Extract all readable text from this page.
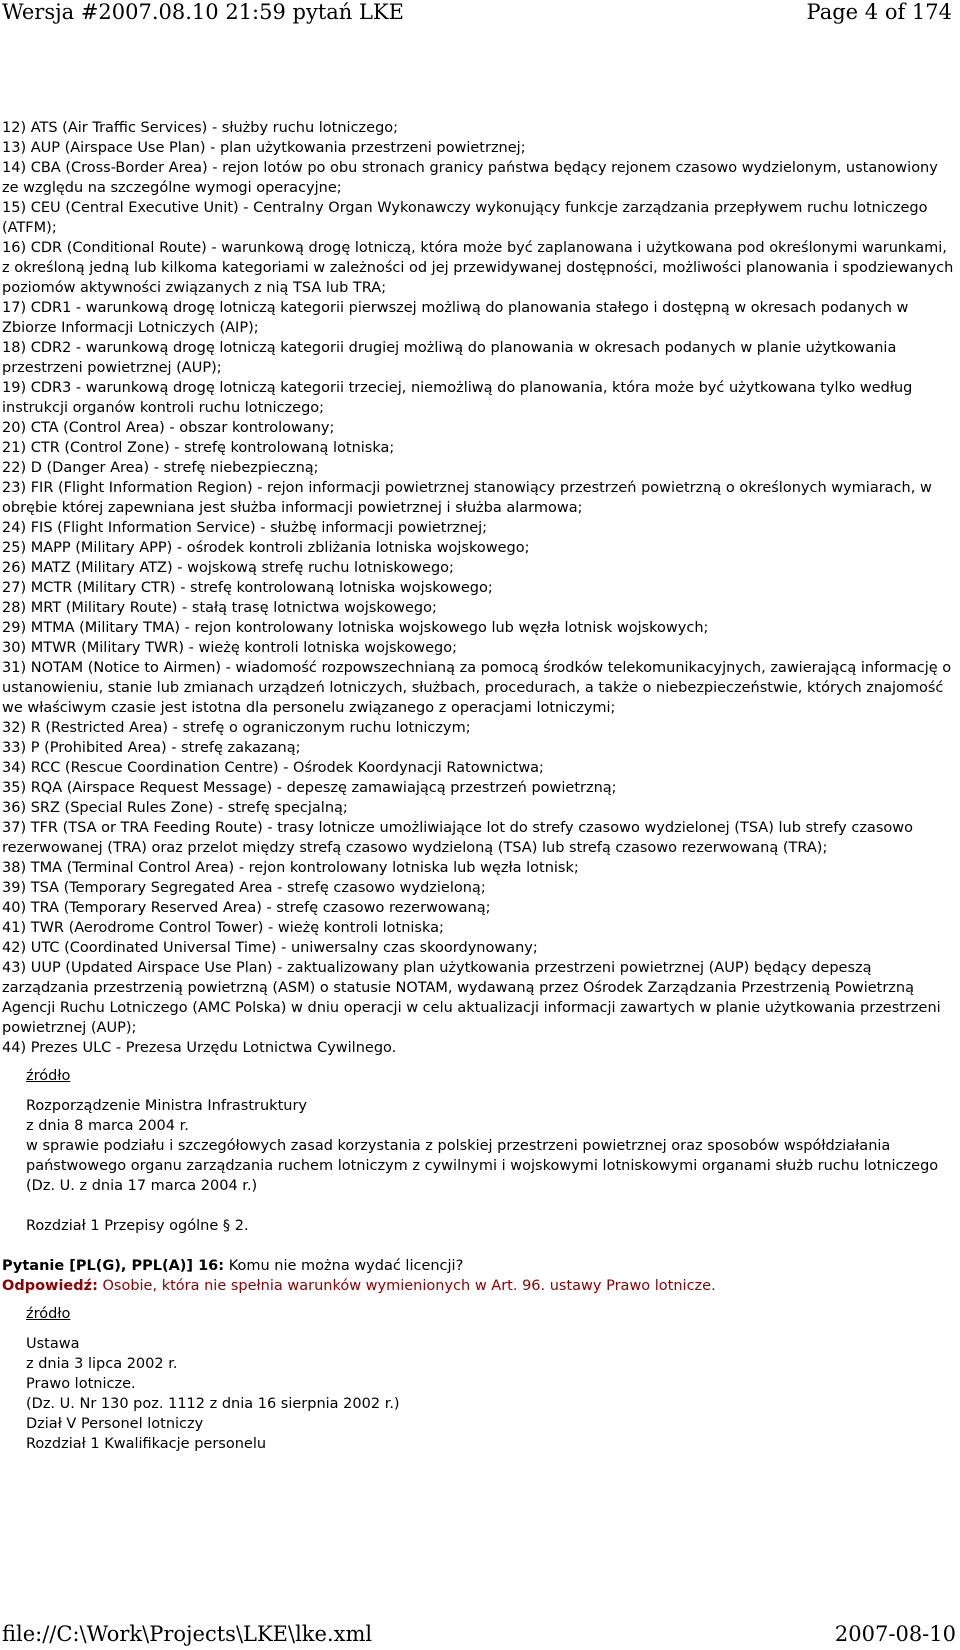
Wersja #2007.08.10 21:59 pytań LKE	Page 4 of 174
12) ATS (Air Traffic Services) - służby ruchu lotniczego;
13) AUP (Airspace Use Plan) - plan użytkowania przestrzeni powietrznej;
14) CBA (Cross-Border Area) - rejon lotów po obu stronach granicy państwa będący rejonem czasowo wydzielonym, ustanowiony ze względu na szczególne wymogi operacyjne;
15) CEU (Central Executive Unit) - Centralny Organ Wykonawczy wykonujący funkcje zarządzania przepływem ruchu lotniczego (ATFM);
16) CDR (Conditional Route) - warunkową drogę lotniczą, która może być zaplanowana i użytkowana pod określonymi warunkami, z określoną jedną lub kilkoma kategoriami w zależności od jej przewidywanej dostępności, możliwości planowania i spodziewanych poziomów aktywności związanych z nią TSA lub TRA;
17) CDR1 - warunkową drogę lotniczą kategorii pierwszej możliwą do planowania stałego i dostępną w okresach podanych w Zbiorze Informacji Lotniczych (AIP);
18) CDR2 - warunkową drogę lotniczą kategorii drugiej możliwą do planowania w okresach podanych w planie użytkowania przestrzeni powietrznej (AUP);
19) CDR3 - warunkową drogę lotniczą kategorii trzeciej, niemożliwą do planowania, która może być użytkowana tylko według instrukcji organów kontroli ruchu lotniczego;
20) CTA (Control Area) - obszar kontrolowany;
21) CTR (Control Zone) - strefę kontrolowaną lotniska;
22) D (Danger Area) - strefę niebezpieczną;
23) FIR (Flight Information Region) - rejon informacji powietrznej stanowiący przestrzeń powietrzną o określonych wymiarach, w obrębie której zapewniana jest służba informacji powietrznej i służba alarmowa;
24) FIS (Flight Information Service) - służbę informacji powietrznej;
25) MAPP (Military APP) - ośrodek kontroli zbliżania lotniska wojskowego;
26) MATZ (Military ATZ) - wojskową strefę ruchu lotniskowego;
27) MCTR (Military CTR) - strefę kontrolowaną lotniska wojskowego;
28) MRT (Military Route) - stałą trasę lotnictwa wojskowego;
29) MTMA (Military TMA) - rejon kontrolowany lotniska wojskowego lub węzła lotnisk wojskowych;
30) MTWR (Military TWR) - wieżę kontroli lotniska wojskowego;
31) NOTAM (Notice to Airmen) - wiadomość rozpowszechnianą za pomocą środków telekomunikacyjnych, zawierającą informację o ustanowieniu, stanie lub zmianach urządzeń lotniczych, służbach, procedurach, a także o niebezpieczeństwie, których znajomość we właściwym czasie jest istotna dla personelu związanego z operacjami lotniczymi;
32) R (Restricted Area) - strefę o ograniczonym ruchu lotniczym;
33) P (Prohibited Area) - strefę zakazaną;
34) RCC (Rescue Coordination Centre) - Ośrodek Koordynacji Ratownictwa;
35) RQA (Airspace Request Message) - depeszę zamawiającą przestrzeń powietrzną;
36) SRZ (Special Rules Zone) - strefę specjalną;
37) TFR (TSA or TRA Feeding Route) - trasy lotnicze umożliwiające lot do strefy czasowo wydzielonej (TSA) lub strefy czasowo rezerwowanej (TRA) oraz przelot między strefą czasowo wydzieloną (TSA) lub strefą czasowo rezerwowaną (TRA);
38) TMA (Terminal Control Area) - rejon kontrolowany lotniska lub węzła lotnisk;
39) TSA (Temporary Segregated Area - strefę czasowo wydzieloną;
40) TRA (Temporary Reserved Area) - strefę czasowo rezerwowaną;
41) TWR (Aerodrome Control Tower) - wieżę kontroli lotniska;
42) UTC (Coordinated Universal Time) - uniwersalny czas skoordynowany;
43) UUP (Updated Airspace Use Plan) - zaktualizowany plan użytkowania przestrzeni powietrznej (AUP) będący depeszą zarządzania przestrzenią powietrzną (ASM) o statusie NOTAM, wydawaną przez Ośrodek Zarządzania Przestrzenią Powietrzną Agencji Ruchu Lotniczego (AMC Polska) w dniu operacji w celu aktualizacji informacji zawartych w planie użytkowania przestrzeni powietrznej (AUP);
44) Prezes ULC - Prezesa Urzędu Lotnictwa Cywilnego.
źródło
Rozporządzenie Ministra Infrastruktury
z dnia 8 marca 2004 r.
w sprawie podziału i szczegółowych zasad korzystania z polskiej przestrzeni powietrznej oraz sposobów współdziałania państwowego organu zarządzania ruchem lotniczym z cywilnymi i wojskowymi lotniskowymi organami służb ruchu lotniczego
(Dz. U. z dnia 17 marca 2004 r.)
Rozdział 1 Przepisy ogólne § 2.
Pytanie [PL(G), PPL(A)] 16: Komu nie można wydać licencji?
Odpowiedź: Osobie, która nie spełnia warunków wymienionych w Art. 96. ustawy Prawo lotnicze.
źródło
Ustawa
z dnia 3 lipca 2002 r.
Prawo lotnicze.
(Dz. U. Nr 130 poz. 1112 z dnia 16 sierpnia 2002 r.)
Dział V Personel lotniczy
Rozdział 1 Kwalifikacje personelu
file://C:\Work\Projects\LKE\lke.xml	2007-08-10
